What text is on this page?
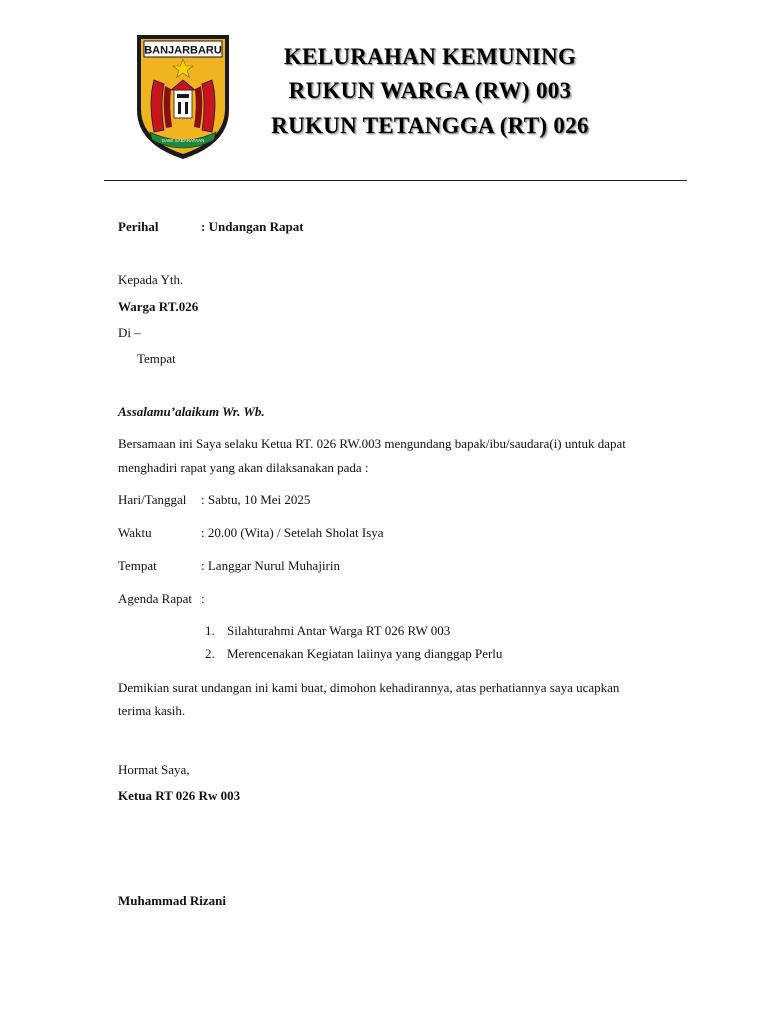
BANJARBARU
GAWI SABARATAAN
KELURAHAN KEMUNING
RUKUN WARGA (RW) 003
RUKUN TETANGGA (RT) 026
Perihal	: Undangan Rapat
Kepada Yth.
Warga RT.026
Di –
Tempat
Assalamu’alaikum Wr. Wb.
Bersamaan ini Saya selaku Ketua RT. 026 RW.003 mengundang bapak/ibu/saudara(i) untuk dapat
menghadiri rapat yang akan dilaksanakan pada :
Hari/Tanggal : Sabtu, 10 Mei 2025
Waktu	: 20.00 (Wita) / Setelah Sholat Isya
Tempat	: Langgar Nurul Muhajirin
Agenda Rapat :
1. Silahturahmi Antar Warga RT 026 RW 003
2. Merencenakan Kegiatan laiinya yang dianggap Perlu
Demikian surat undangan ini kami buat, dimohon kehadirannya, atas perhatiannya saya ucapkan
terima kasih.
Hormat Saya,
Ketua RT 026 Rw 003
Muhammad Rizani
